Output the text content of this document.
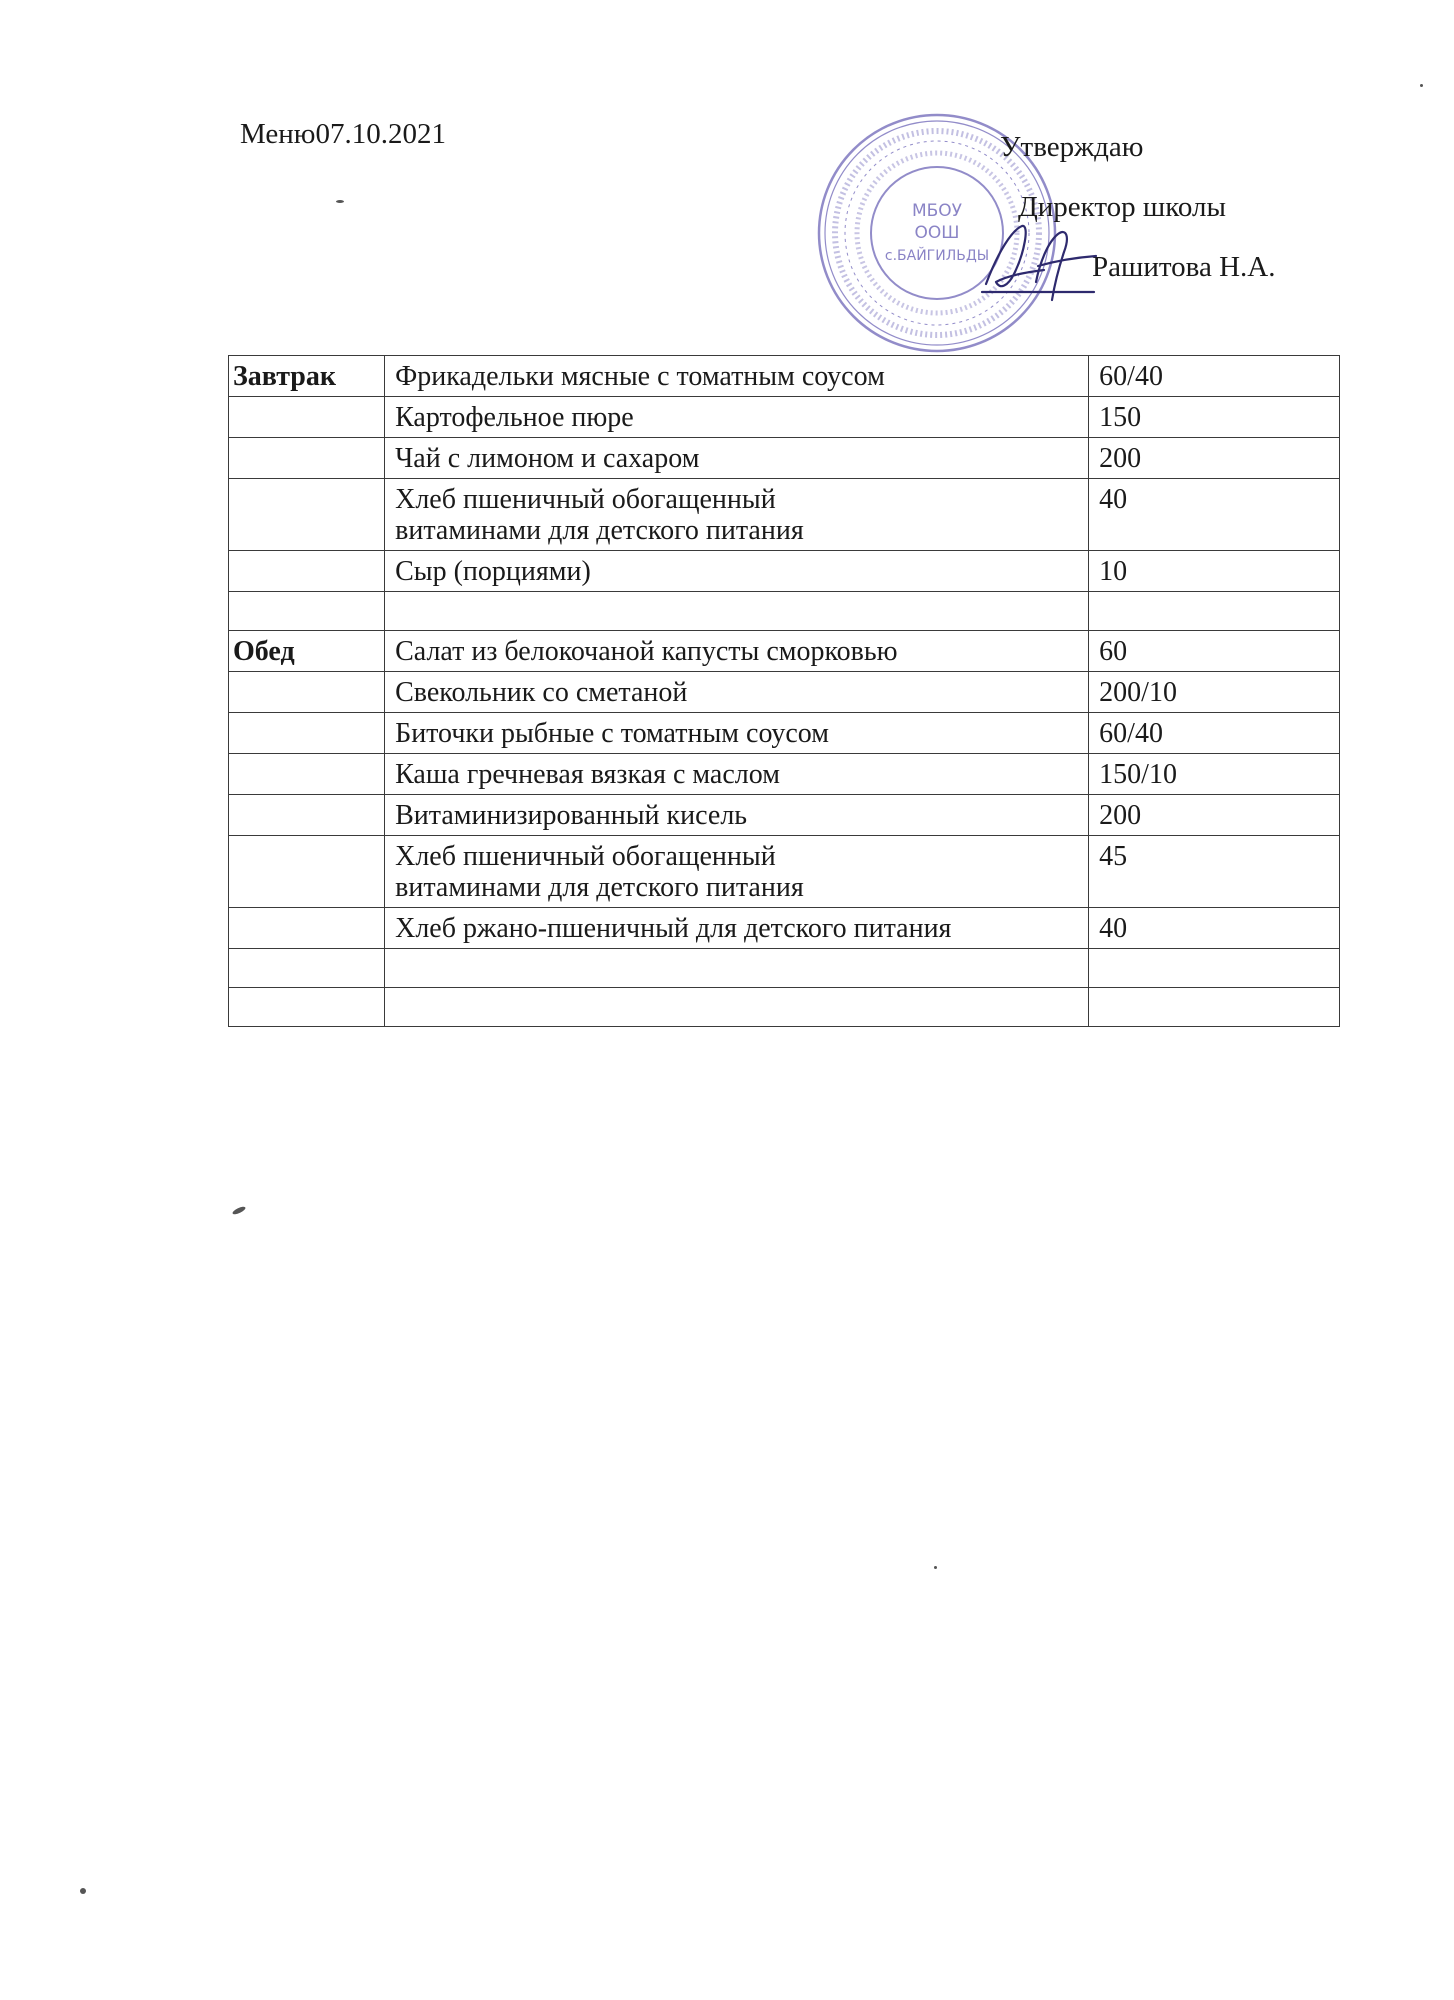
Меню07.10.2021
МБОУ
ООШ
с.БАЙГИЛЬДЫ
Утверждаю
Директор школы
Рашитова Н.А.
Завтрак	Фрикадельки мясные с томатным соусом	60/40
	Картофельное пюре	150
	Чай с лимоном и сахаром	200
	Хлеб пшеничный обогащенный
витаминами для детского питания	40
	Сыр (порциями)	10

Обед	Салат из белокочаной капусты сморковью	60
	Свекольник со сметаной	200/10
	Биточки рыбные с томатным соусом	60/40
	Каша гречневая вязкая с маслом	150/10
	Витаминизированный кисель	200
	Хлеб пшеничный обогащенный
витаминами для детского питания	45
	Хлеб ржано-пшеничный для детского питания	40
